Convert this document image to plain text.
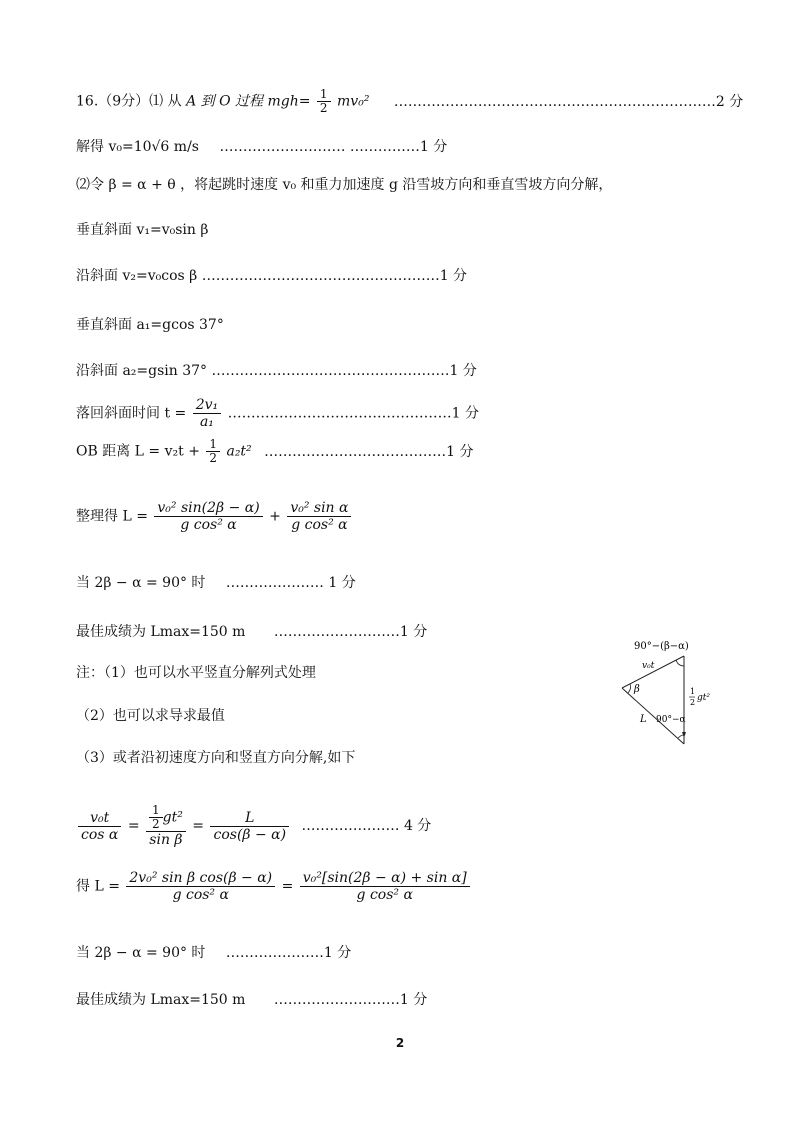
16.（9分）⑴ 从 A 到 O 过程 $mgh= \frac{1}{2} mv_0^2$ ……………………………………………………………2 分
解得 v₀=10√6 m/s ……………………… ……………1 分
⑵令 β = α + θ ，将起跳时速度 v₀ 和重力加速度 g 沿雪坡方向和垂直雪坡方向分解，
垂直斜面 v₁=v₀sin β
沿斜面 v₂=v₀cos β ……………………………………………1 分
垂直斜面 a₁=gcos 37°
沿斜面 a₂=gsin 37° ……………………………………………1 分
落回斜面时间 $t = \frac{\text{2v₁}}{\text{a₁}}$ …………………………………………1 分
OB 距离 $L = v_2t + \frac{1}{2} a_2t^2$ …………………………………1 分
整理得 $L = \frac{\text{v₀² sin(2β − α)}}{\text{g cos² α}} + \frac{\text{v₀² sin α}}{\text{g cos² α}}$
当 2β − α = 90° 时 ………………… 1 分
最佳成绩为 Lmax=150 m ………………………1 分
注：（1）也可以水平竖直分解列式处理
（2）也可以求导求最值
（3）或者沿初速度方向和竖直方向分解,如下
$\frac{\text{v₀t}}{\text{cos α}} = \frac{\frac{1}{2} gt^2}{\text{sin β}} = \frac{L}{\cos(\beta - \alpha)}$ ………………… 4 分
得 $L = \frac{\text{2v₀² sin β cos(β − α)}}{\text{g cos² α}} = \frac{\text{v₀²[sin(2β − α) + sin α]}}{\text{g cos² α}}$
当 2β − α = 90° 时 …………………1 分
最佳成绩为 Lmax=150 m ………………………1 分
90°−(β−α)
v₀t
β	1
2 gt²
L 90°−α
2
